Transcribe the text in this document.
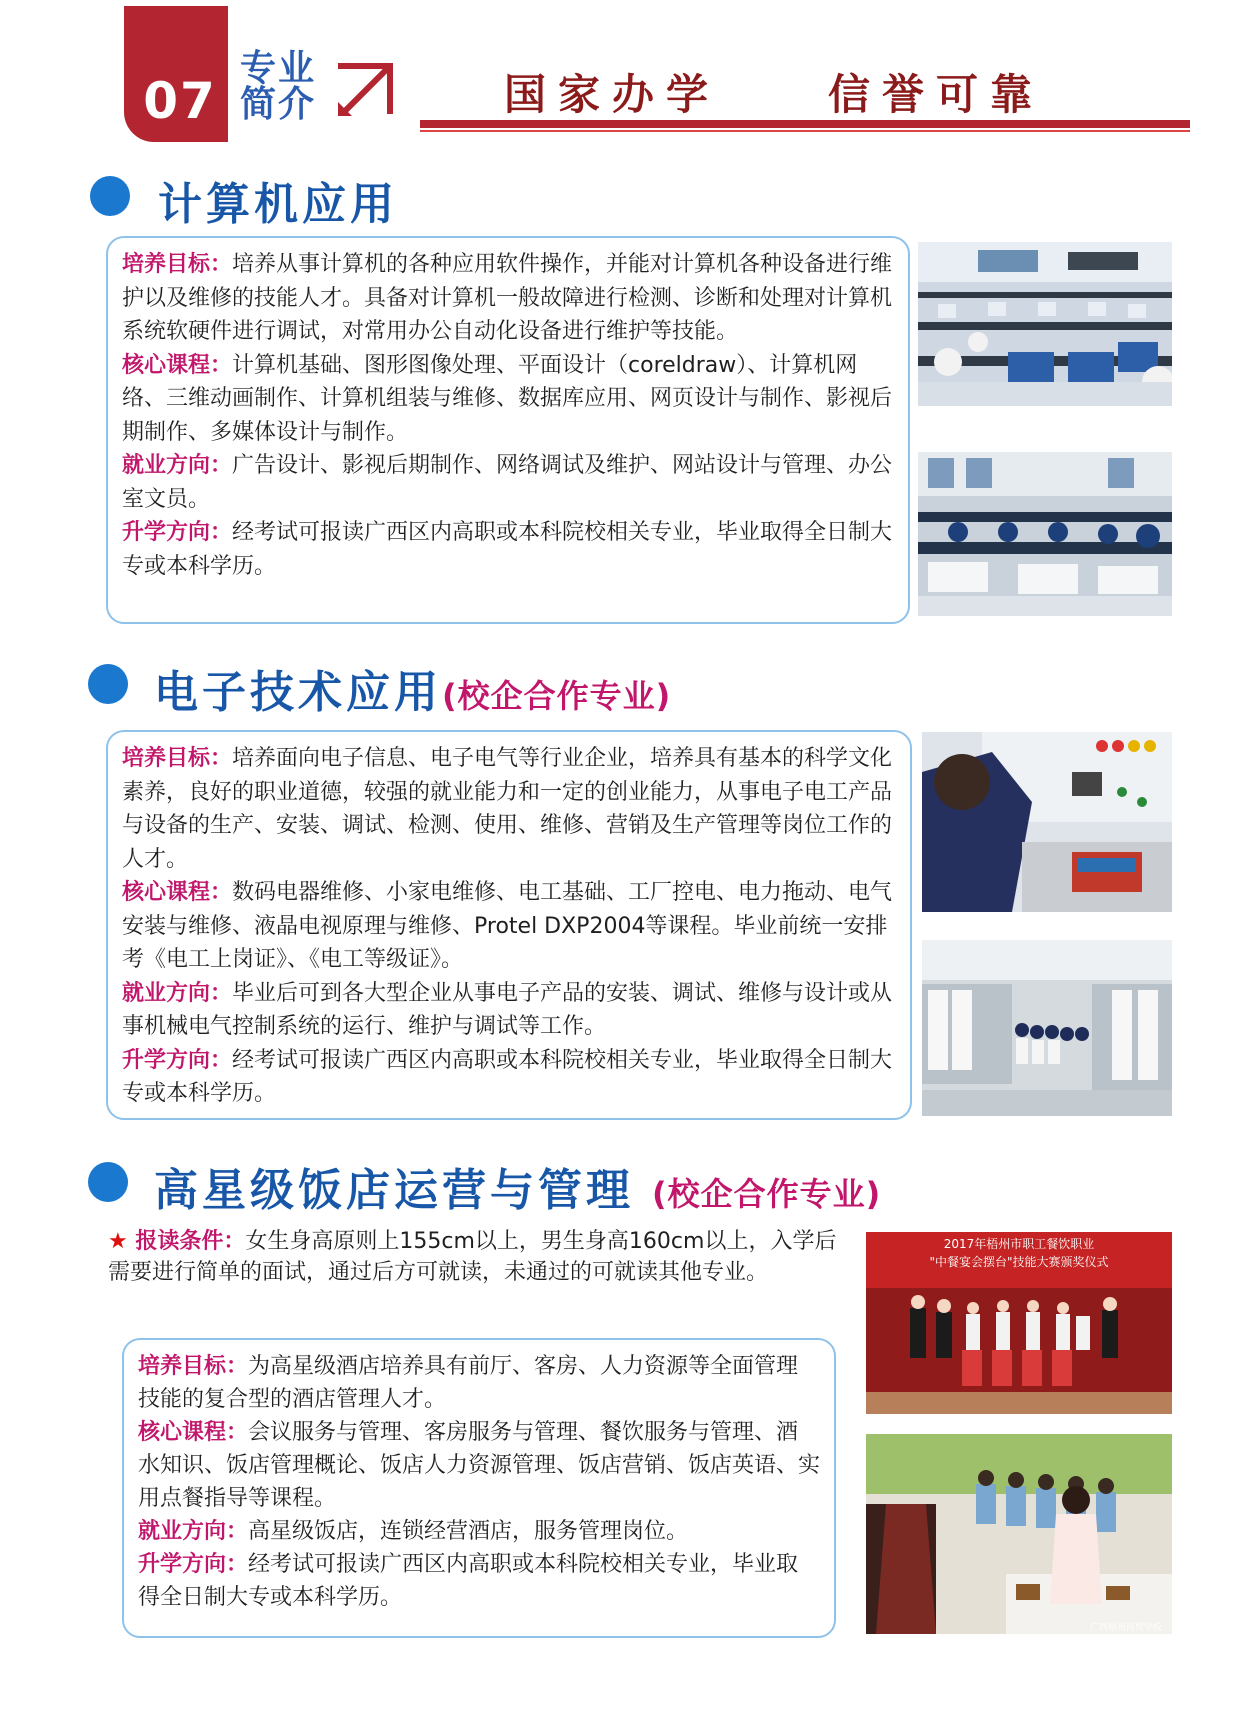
07
专业
简介	国家办学	信誉可靠
计算机应用

培养目标：培养从事计算机的各种应用软件操作，并能对计算机各种设备进行维护以及维修的技能人才。具备对计算机一般故障进行检测、诊断和处理对计算机系统软硬件进行调试，对常用办公自动化设备进行维护等技能。

核心课程：计算机基础、图形图像处理、平面设计（coreldraw）、计算机网络、三维动画制作、计算机组装与维修、数据库应用、网页设计与制作、影视后期制作、多媒体设计与制作。

就业方向：广告设计、影视后期制作、网络调试及维护、网站设计与管理、办公室文员。

升学方向：经考试可报读广西区内高职或本科院校相关专业，毕业取得全日制大专或本科学历。

电子技术应用(校企合作专业)

培养目标：培养面向电子信息、电子电气等行业企业，培养具有基本的科学文化素养，良好的职业道德，较强的就业能力和一定的创业能力，从事电子电工产品与设备的生产、安装、调试、检测、使用、维修、营销及生产管理等岗位工作的人才。

核心课程：数码电器维修、小家电维修、电工基础、工厂控电、电力拖动、电气安装与维修、液晶电视原理与维修、Protel DXP2004等课程。毕业前统一安排考《电工上岗证》、《电工等级证》。

就业方向：毕业后可到各大型企业从事电子产品的安装、调试、维修与设计或从事机械电气控制系统的运行、维护与调试等工作。

升学方向：经考试可报读广西区内高职或本科院校相关专业，毕业取得全日制大专或本科学历。

高星级饭店运营与管理 (校企合作专业)

★ 报读条件：女生身高原则上155cm以上，男生身高160cm以上，入学后需要进行简单的面试，通过后方可就读，未通过的可就读其他专业。

培养目标：为高星级酒店培养具有前厅、客房、人力资源等全面管理技能的复合型的酒店管理人才。

核心课程：会议服务与管理、客房服务与管理、餐饮服务与管理、酒水知识、饭店管理概论、饭店人力资源管理、饭店营销、饭店英语、实用点餐指导等课程。

就业方向：高星级饭店，连锁经营酒店，服务管理岗位。

升学方向：经考试可报读广西区内高职或本科院校相关专业，毕业取得全日制大专或本科学历。

2017年梧州市职工餐饮职业
"中餐宴会摆台"技能大赛颁奖仪式
广西梧州商贸学校
